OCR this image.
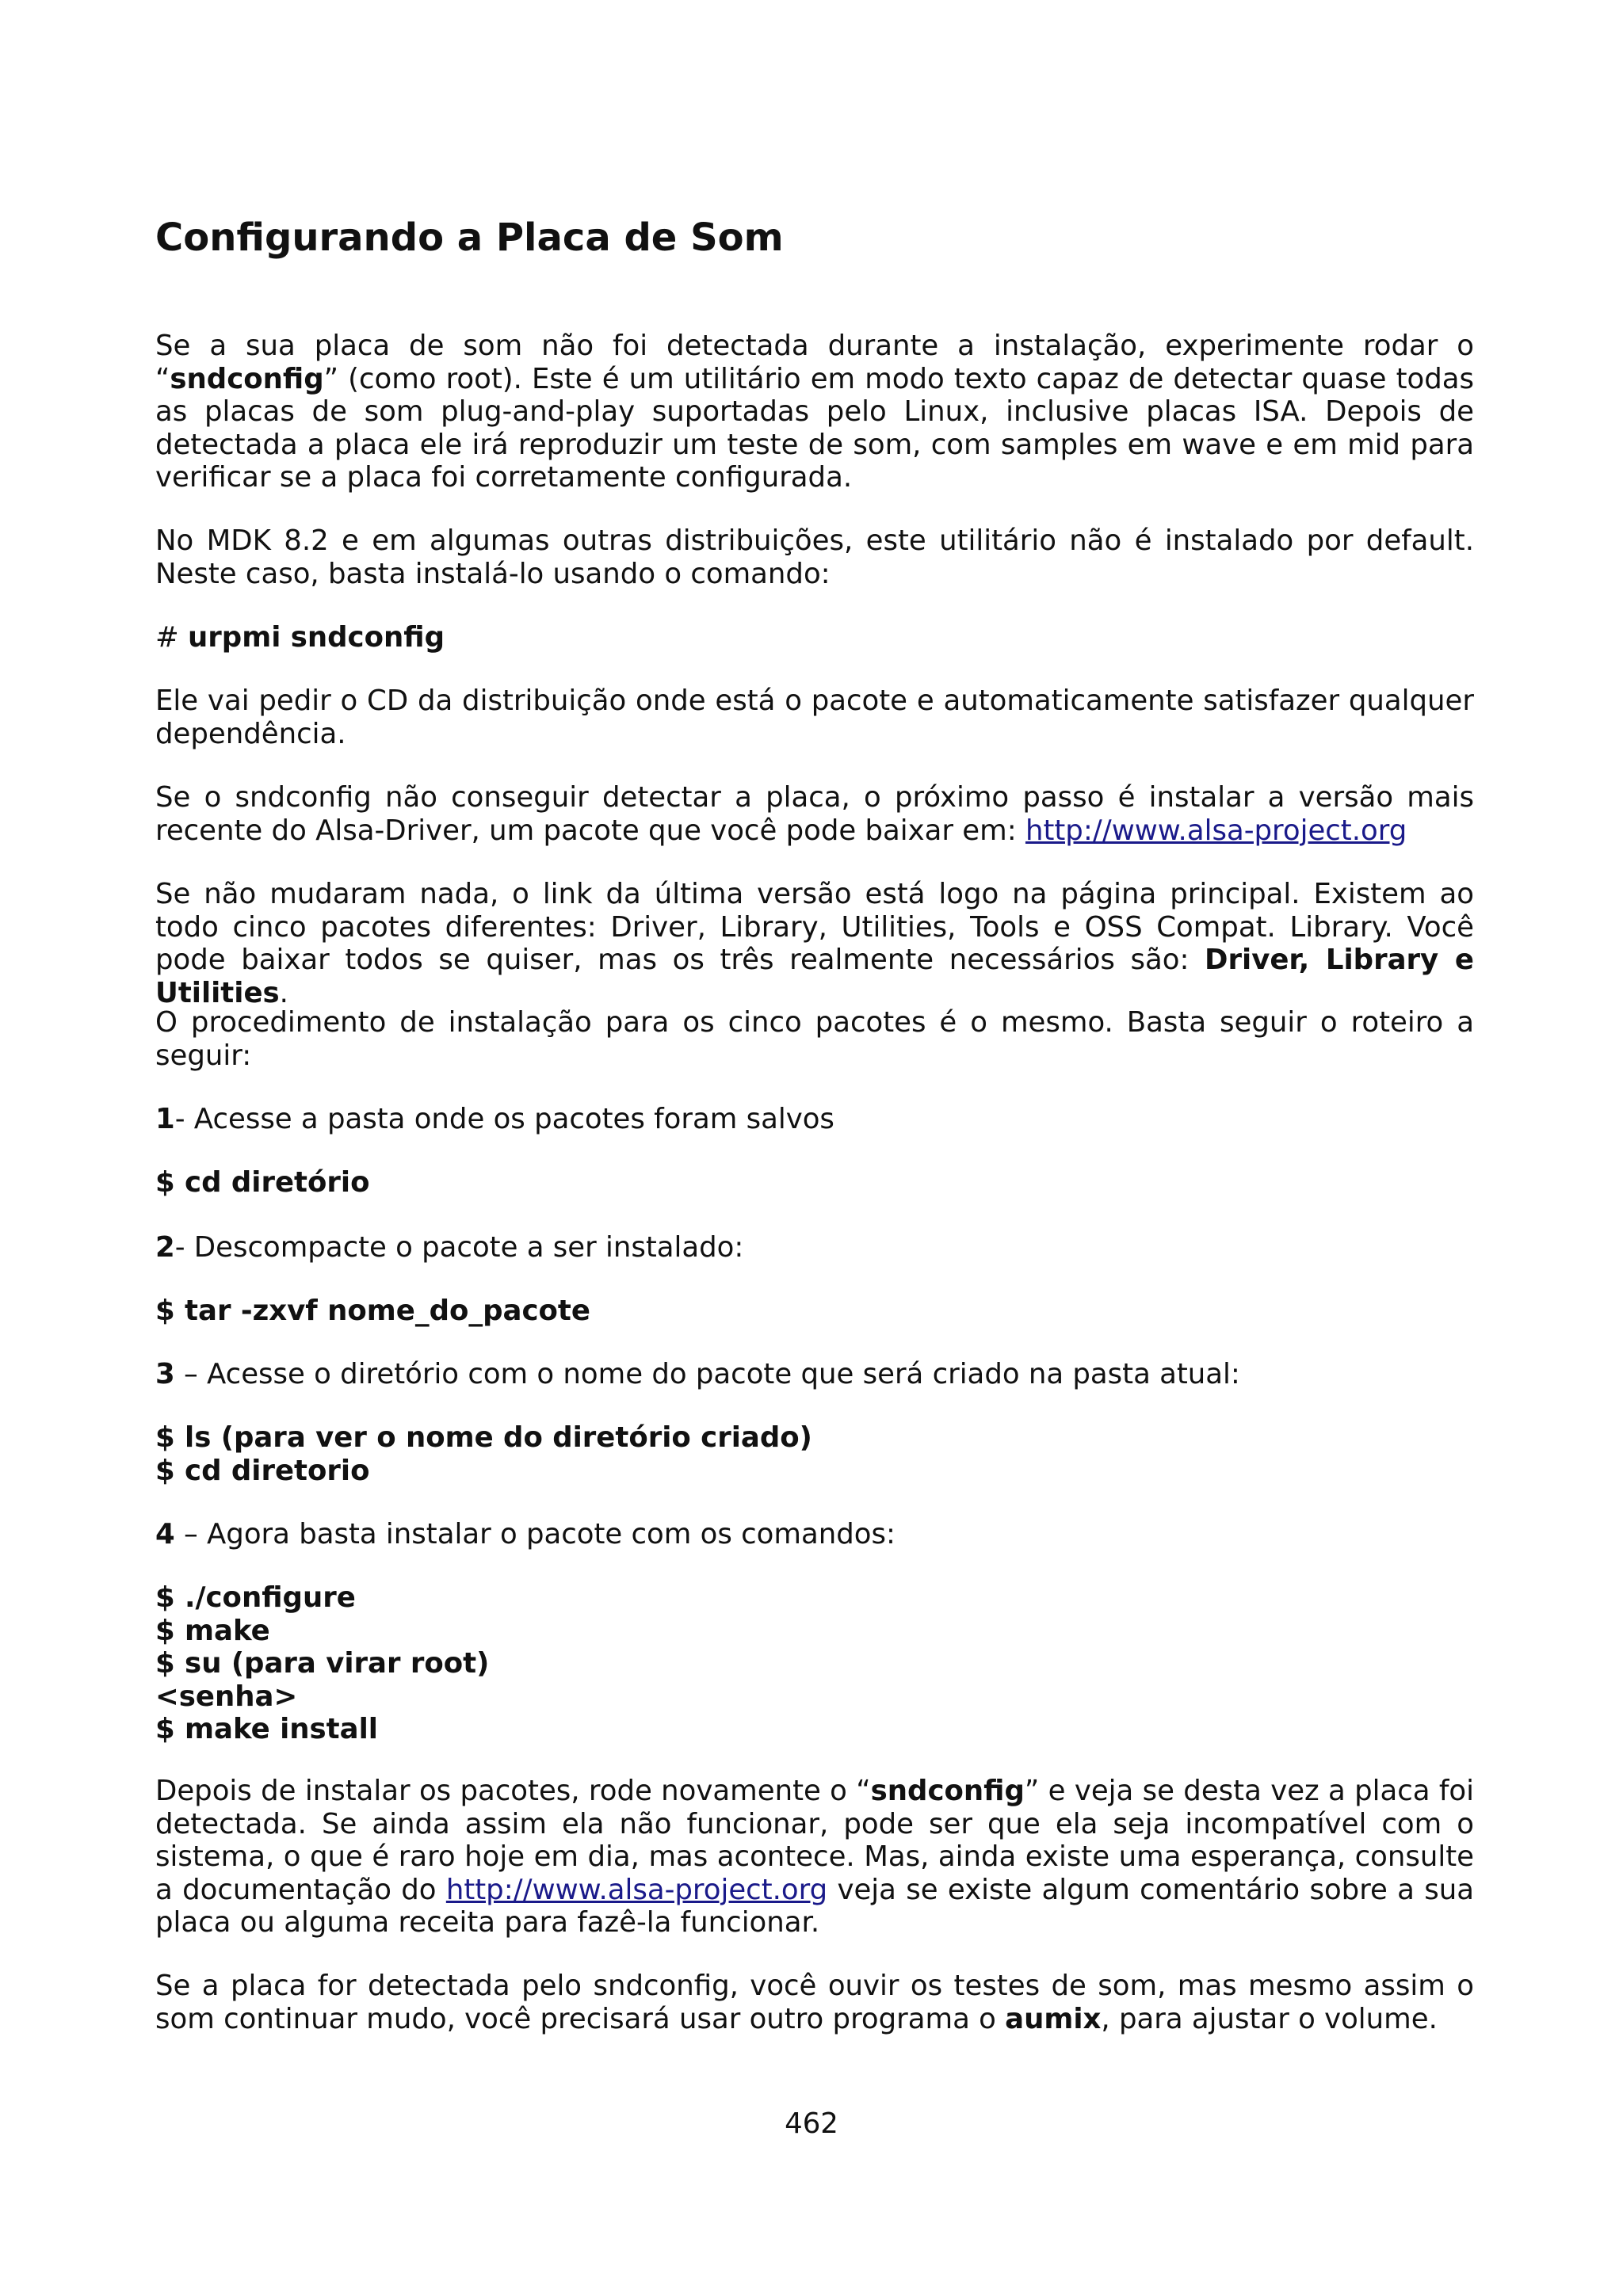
Configurando a Placa de Som

Se a sua placa de som não foi detectada durante a instalação, experimente rodar o “sndconfig” (como root). Este é um utilitário em modo texto capaz de detectar quase todas as placas de som plug-and-play suportadas pelo Linux, inclusive placas ISA. Depois de detectada a placa ele irá reproduzir um teste de som, com samples em wave e em mid para verificar se a placa foi corretamente configurada.

No MDK 8.2 e em algumas outras distribuições, este utilitário não é instalado por default. Neste caso, basta instalá-lo usando o comando:

# urpmi sndconfig

Ele vai pedir o CD da distribuição onde está o pacote e automaticamente satisfazer qualquer dependência.

Se o sndconfig não conseguir detectar a placa, o próximo passo é instalar a versão mais recente do Alsa-Driver, um pacote que você pode baixar em: http://www.alsa-project.org

Se não mudaram nada, o link da última versão está logo na página principal. Existem ao todo cinco pacotes diferentes: Driver, Library, Utilities, Tools e OSS Compat. Library. Você pode baixar todos se quiser, mas os três realmente necessários são: Driver, Library e Utilities.

O procedimento de instalação para os cinco pacotes é o mesmo. Basta seguir o roteiro a seguir:

1- Acesse a pasta onde os pacotes foram salvos

$ cd diretório

2- Descompacte o pacote a ser instalado:

$ tar -zxvf nome_do_pacote

3 – Acesse o diretório com o nome do pacote que será criado na pasta atual:

$ ls (para ver o nome do diretório criado)
$ cd diretorio

4 – Agora basta instalar o pacote com os comandos:

$ ./configure
$ make
$ su (para virar root)
<senha>
$ make install

Depois de instalar os pacotes, rode novamente o “sndconfig” e veja se desta vez a placa foi detectada. Se ainda assim ela não funcionar, pode ser que ela seja incompatível com o sistema, o que é raro hoje em dia, mas acontece. Mas, ainda existe uma esperança, consulte a documentação do http://www.alsa-project.org veja se existe algum comentário sobre a sua placa ou alguma receita para fazê-la funcionar.

Se a placa for detectada pelo sndconfig, você ouvir os testes de som, mas mesmo assim o som continuar mudo, você precisará usar outro programa o aumix, para ajustar o volume.

462
